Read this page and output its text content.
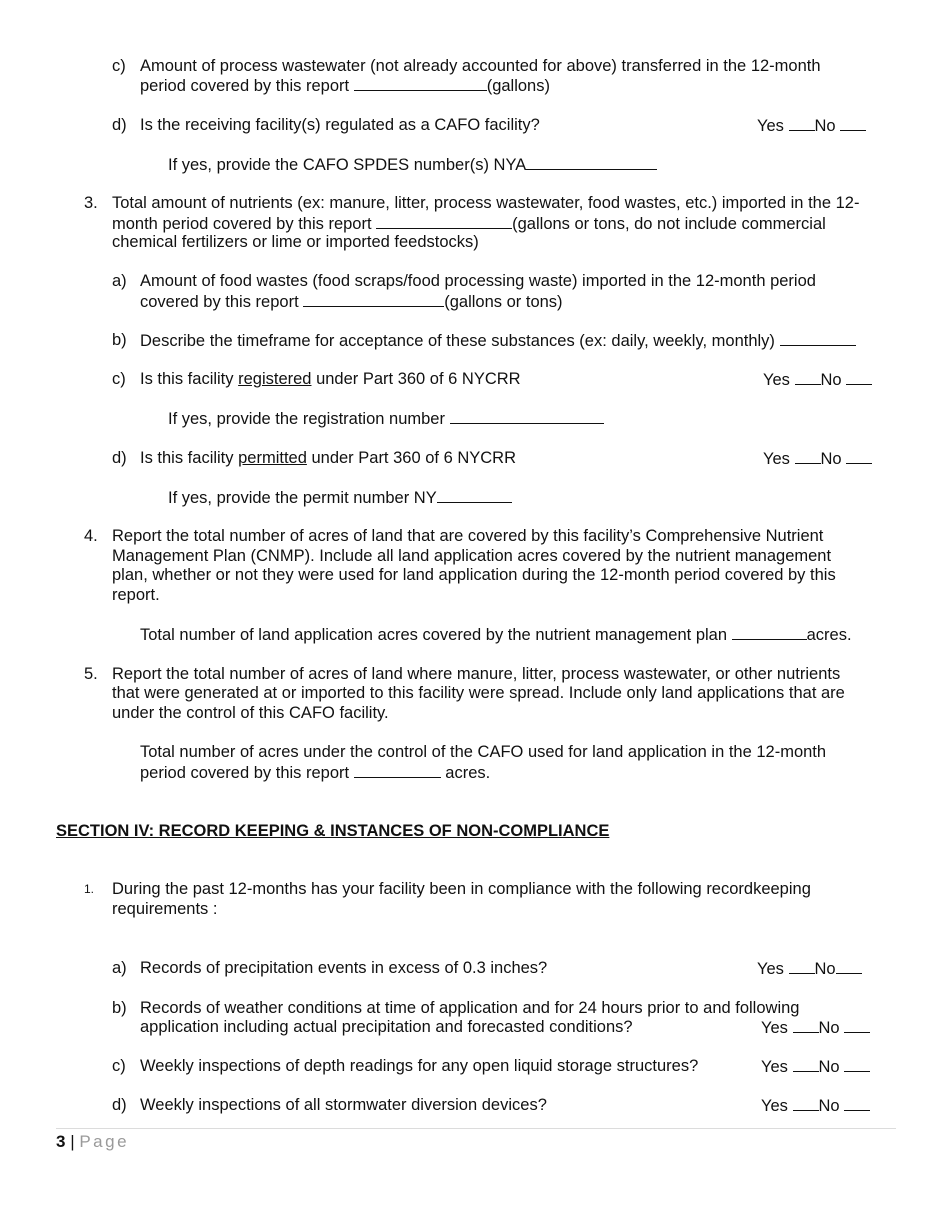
c) Amount of process wastewater (not already accounted for above) transferred in the 12-month
period covered by this report	(gallons)
d) Is the receiving facility(s) regulated as a CAFO facility?	Yes No
If yes, provide the CAFO SPDES number(s) NYA
3. Total amount of nutrients (ex: manure, litter, process wastewater, food wastes, etc.) imported in the 12-
month period covered by this report	(gallons or tons, do not include commercial
chemical fertilizers or lime or imported feedstocks)
a) Amount of food wastes (food scraps/food processing waste) imported in the 12-month period
covered by this report	(gallons or tons)
b) Describe the timeframe for acceptance of these substances (ex: daily, weekly, monthly)
c) Is this facility registered under Part 360 of 6 NYCRR	Yes No
If yes, provide the registration number
d) Is this facility permitted under Part 360 of 6 NYCRR	Yes No
If yes, provide the permit number NY
4. Report the total number of acres of land that are covered by this facility’s Comprehensive Nutrient
Management Plan (CNMP). Include all land application acres covered by the nutrient management
plan, whether or not they were used for land application during the 12-month period covered by this
report.
Total number of land application acres covered by the nutrient management plan	acres.
5. Report the total number of acres of land where manure, litter, process wastewater, or other nutrients
that were generated at or imported to this facility were spread. Include only land applications that are
under the control of this CAFO facility.
Total number of acres under the control of the CAFO used for land application in the 12-month
period covered by this report	acres.
SECTION IV: RECORD KEEPING & INSTANCES OF NON-COMPLIANCE
1. During the past 12-months has your facility been in compliance with the following recordkeeping
requirements :
a) Records of precipitation events in excess of 0.3 inches?	Yes No
b) Records of weather conditions at time of application and for 24 hours prior to and following
application including actual precipitation and forecasted conditions?	Yes No
c) Weekly inspections of depth readings for any open liquid storage structures?	Yes No
d) Weekly inspections of all stormwater diversion devices?	Yes No
3 | Page
